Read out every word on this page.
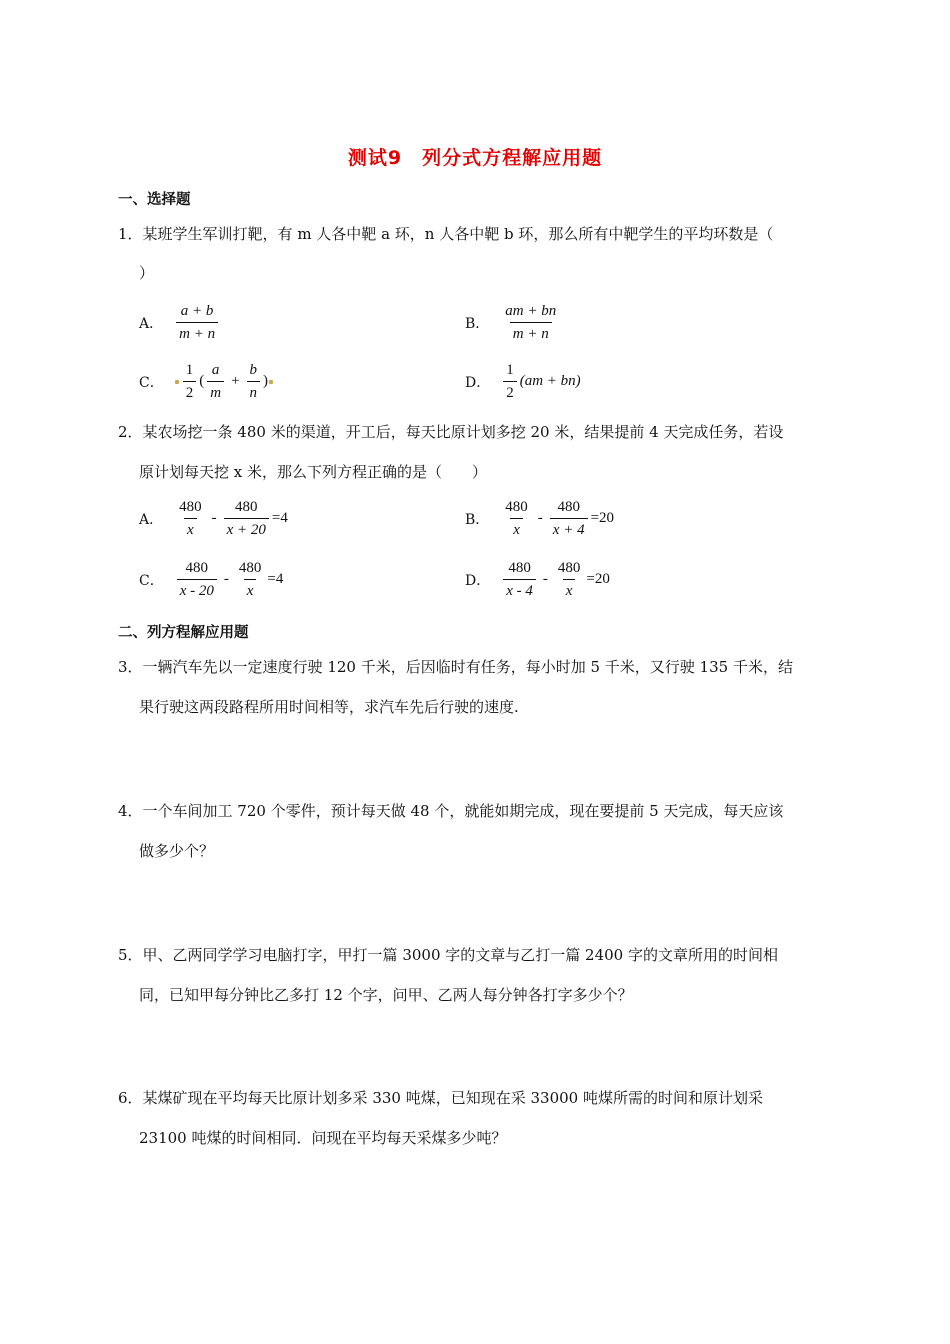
测试9　列分式方程解应用题
一、选择题
1．某班学生军训打靶，有 m 人各中靶 a 环，n 人各中靶 b 环，那么所有中靶学生的平均环数是（
）
A． $\frac{a + b}{m + n}$	B． $\frac{am + bn}{m + n}$
C． $\frac{1}{2}$ ( $\frac{a}{m} + \frac{b}{n}$ )	D． $\frac{1}{2} (am + bn)$
2．某农场挖一条 480 米的渠道，开工后，每天比原计划多挖 20 米，结果提前 4 天完成任务，若设
原计划每天挖 x 米，那么下列方程正确的是（　　）
A． $\frac{480}{x} - \frac{480}{x + 20} =4$	B． $\frac{480}{x} - \frac{480}{x + 4} =20$
C． $\frac{480}{x - 20} - \frac{480}{x} =4$	D． $\frac{480}{x - 4} - \frac{480}{x} =20$
二、列方程解应用题
3．一辆汽车先以一定速度行驶 120 千米，后因临时有任务，每小时加 5 千米，又行驶 135 千米，结
果行驶这两段路程所用时间相等，求汽车先后行驶的速度.
4．一个车间加工 720 个零件，预计每天做 48 个，就能如期完成，现在要提前 5 天完成，每天应该
做多少个？
5．甲、乙两同学学习电脑打字，甲打一篇 3000 字的文章与乙打一篇 2400 字的文章所用的时间相
同，已知甲每分钟比乙多打 12 个字，问甲、乙两人每分钟各打字多少个？
6．某煤矿现在平均每天比原计划多采 330 吨煤，已知现在采 33000 吨煤所需的时间和原计划采
23100 吨煤的时间相同．问现在平均每天采煤多少吨？
